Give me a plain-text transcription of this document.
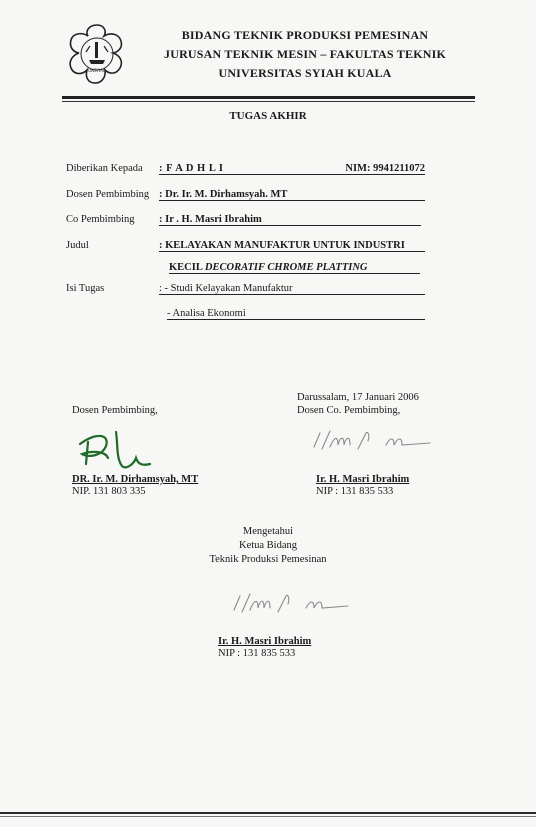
UNSYIAH
BIDANG TEKNIK PRODUKSI PEMESINAN
JURUSAN TEKNIK MESIN – FAKULTAS TEKNIK
UNIVERSITAS SYIAH KUALA
TUGAS AKHIR
Diberikan Kepada : F A D H L I	NIM: 9941211072
Dosen Pembimbing : Dr. Ir. M. Dirhamsyah. MT
Co Pembimbing : Ir . H. Masri Ibrahim
Judul	: KELAYAKAN MANUFAKTUR UNTUK INDUSTRI
KECIL DECORATIF CHROME PLATTING
Isi Tugas	: - Studi Kelayakan Manufaktur
- Analisa Ekonomi
Darussalam, 17 Januari 2006
Dosen Pembimbing,	Dosen Co. Pembimbing,
DR. Ir. M. Dirhamsyah, MT
NIP. 131 803 335
Ir. H. Masri Ibrahim
NIP : 131 835 533
Mengetahui
Ketua Bidang
Teknik Produksi Pemesinan
Ir. H. Masri Ibrahim
NIP : 131 835 533
